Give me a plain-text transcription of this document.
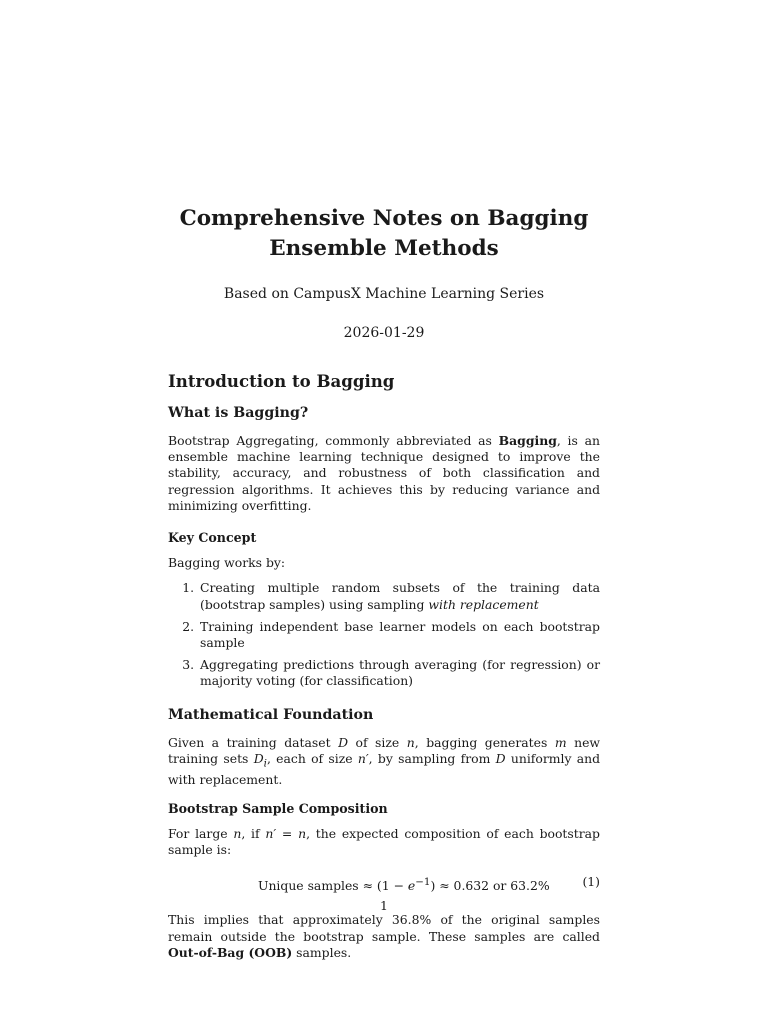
Comprehensive Notes on Bagging
Ensemble Methods
Based on CampusX Machine Learning Series
2026-01-29
Introduction to Bagging
What is Bagging?

Bootstrap Aggregating, commonly abbreviated as Bagging, is an ensemble machine learning technique designed to improve the stability, accuracy, and robustness of both classification and regression algorithms. It achieves this by reducing variance and minimizing overfitting.

Key Concept

Bagging works by:

1. Creating multiple random subsets of the training data (bootstrap samples) using sampling with replacement
2. Training independent base learner models on each bootstrap sample
3. Aggregating predictions through averaging (for regression) or majority voting (for classification)
Mathematical Foundation

Given a training dataset D of size n, bagging generates m new training sets $D_i$, each of size n′, by sampling from D uniformly and with replacement.

Bootstrap Sample Composition

For large n, if n′ = n, the expected composition of each bootstrap sample is:

Unique samples ≈ $(1 - e^{-1}) \approx 0.632$ or 63.2%	(1)

This implies that approximately 36.8% of the original samples remain outside the bootstrap sample. These samples are called Out-of-Bag (OOB) samples.

1
